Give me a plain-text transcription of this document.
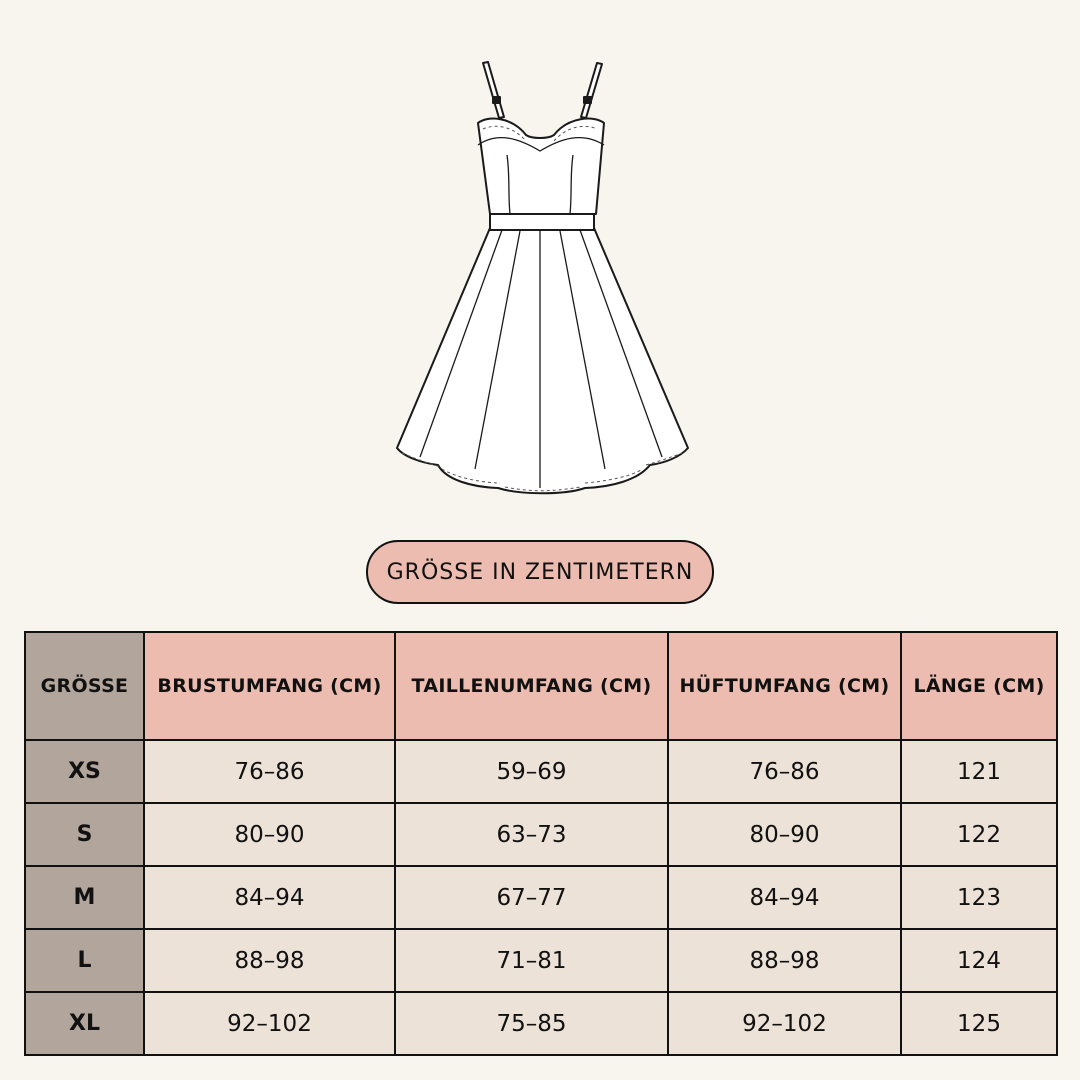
GRÖSSE IN ZENTIMETERN
GRÖSSE	BRUSTUMFANG (CM)	TAILLENUMFANG (CM)	HÜFTUMFANG (CM)	LÄNGE (CM)
XS	76–86	59–69	76–86	121
S	80–90	63–73	80–90	122
M	84–94	67–77	84–94	123
L	88–98	71–81	88–98	124
XL	92–102	75–85	92–102	125
